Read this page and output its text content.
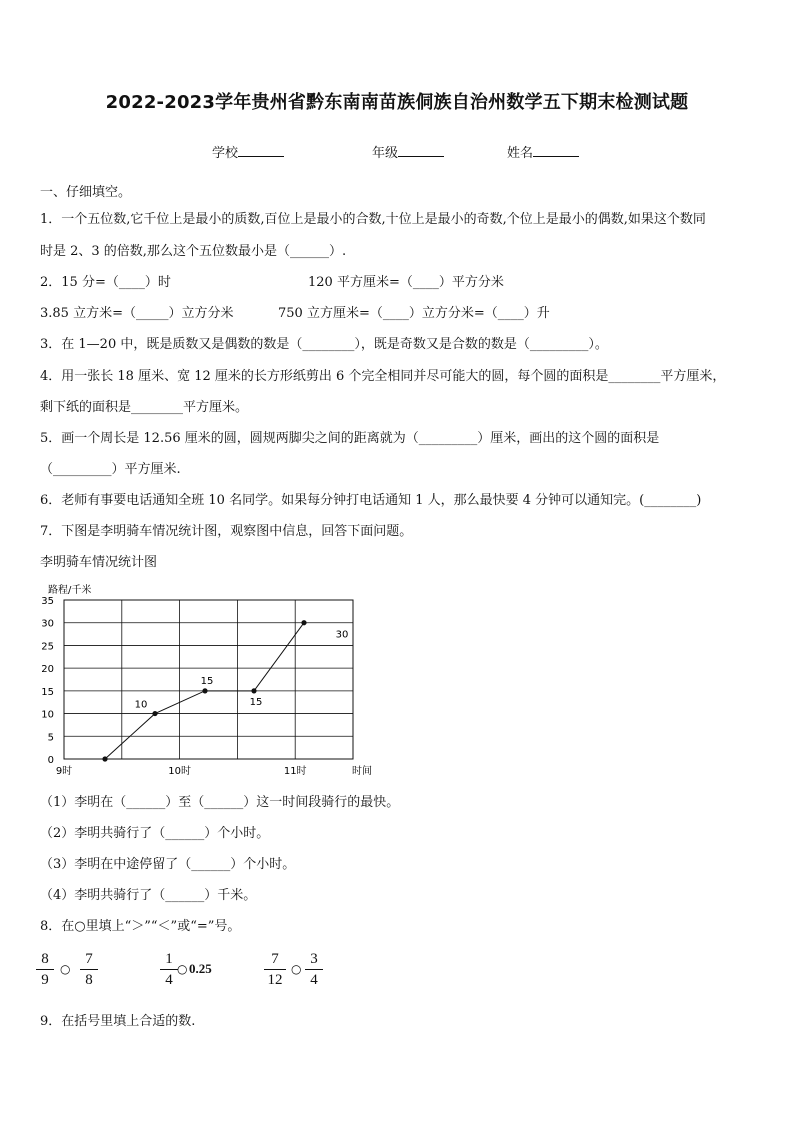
2022-2023学年贵州省黔东南南苗族侗族自治州数学五下期末检测试题
学校	年级	姓名
一、仔细填空。
1．一个五位数,它千位上是最小的质数,百位上是最小的合数,十位上是最小的奇数,个位上是最小的偶数,如果这个数同
时是 2、3 的倍数,那么这个五位数最小是（______）.
2．15 分=（____）时	120 平方厘米=（____）平方分米
3.85 立方米=（_____）立方分米	750 立方厘米=（____）立方分米=（____）升
3．在 1—20 中，既是质数又是偶数的数是（________），既是奇数又是合数的数是（_________）。
4．用一张长 18 厘米、宽 12 厘米的长方形纸剪出 6 个完全相同并尽可能大的圆，每个圆的面积是________平方厘米，
剩下纸的面积是________平方厘米。
5．画一个周长是 12.56 厘米的圆，圆规两脚尖之间的距离就为（_________）厘米，画出的这个圆的面积是
（_________）平方厘米.
6．老师有事要电话通知全班 10 名同学。如果每分钟打电话通知 1 人，那么最快要 4 分钟可以通知完。(________)
7．下图是李明骑车情况统计图，观察图中信息，回答下面问题。
李明骑车情况统计图
路程/千米
0
5
10
15
20
25
30
35
9时	10时	11时	时间
10
15
15
30
（1）李明在（______）至（______）这一时间段骑行的最快。
（2）李明共骑行了（______）个小时。
（3）李明在中途停留了（______）个小时。
（4）李明共骑行了（______）千米。
8．在○里填上“＞”“＜”或“=”号。
8
9
○
7
8
1
4
○ 0.25
7
12
○
3
4
9．在括号里填上合适的数.
